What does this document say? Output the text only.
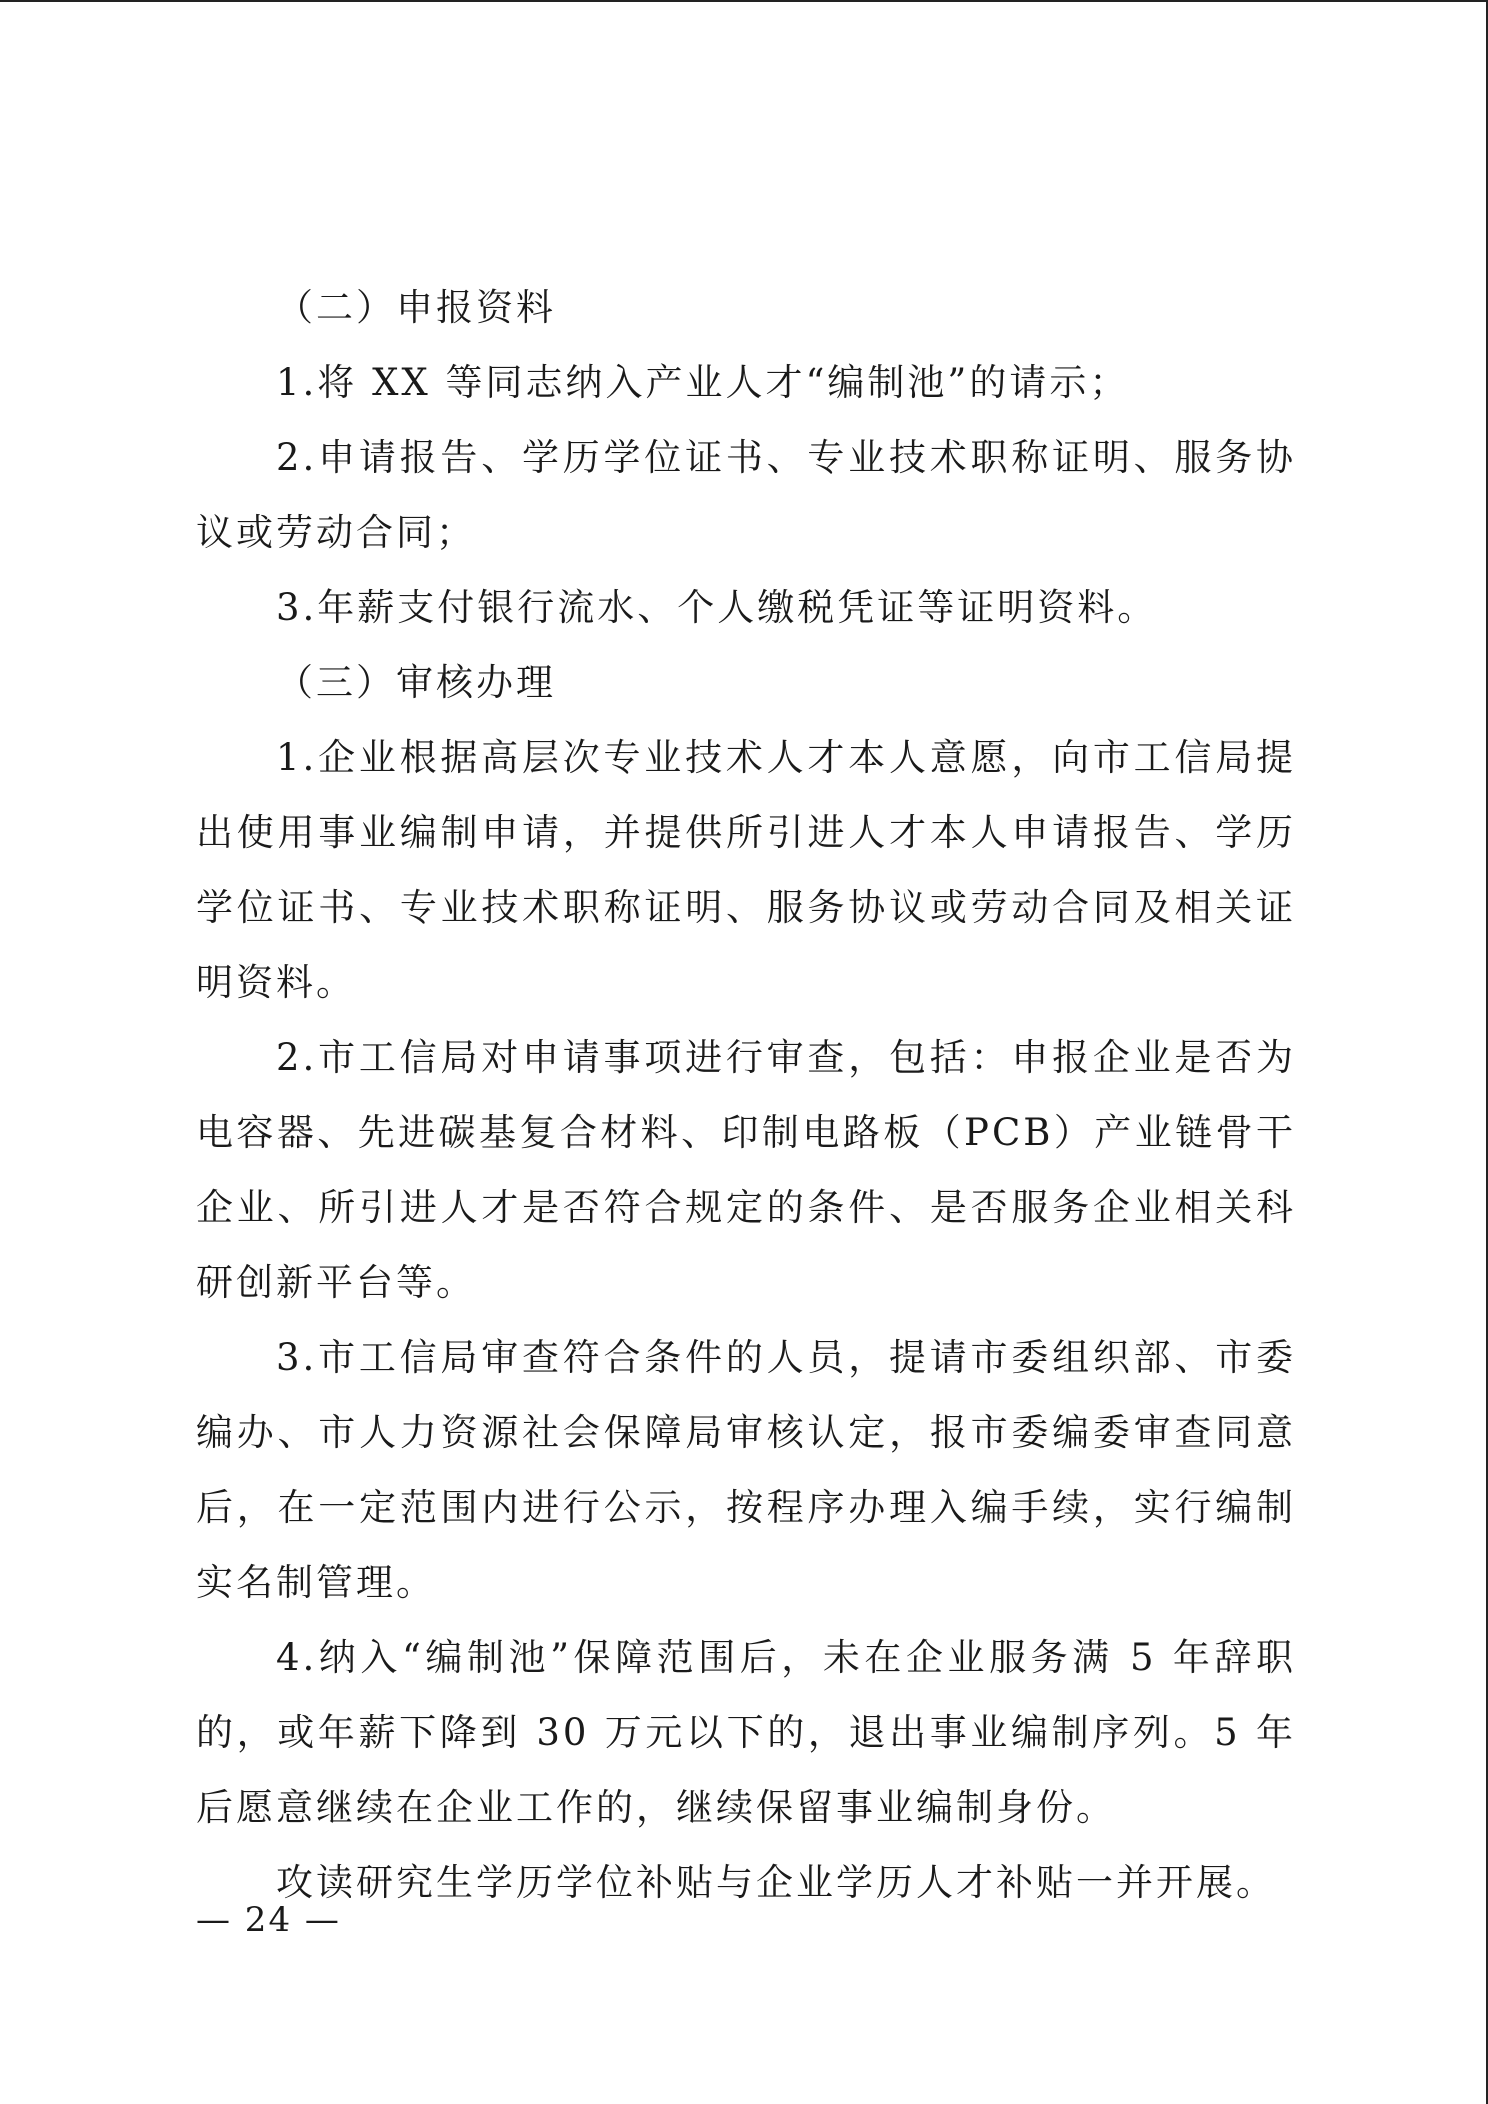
（二）申报资料

1.将 XX 等同志纳入产业人才“编制池”的请示；

2.申请报告、学历学位证书、专业技术职称证明、服务协议或劳动合同；

3.年薪支付银行流水、个人缴税凭证等证明资料。

（三）审核办理

1.企业根据高层次专业技术人才本人意愿，向市工信局提出使用事业编制申请，并提供所引进人才本人申请报告、学历学位证书、专业技术职称证明、服务协议或劳动合同及相关证明资料。

2.市工信局对申请事项进行审查，包括：申报企业是否为电容器、先进碳基复合材料、印制电路板（PCB）产业链骨干企业、所引进人才是否符合规定的条件、是否服务企业相关科研创新平台等。

3.市工信局审查符合条件的人员，提请市委组织部、市委编办、市人力资源社会保障局审核认定，报市委编委审查同意后，在一定范围内进行公示，按程序办理入编手续，实行编制实名制管理。

4.纳入“编制池”保障范围后，未在企业服务满 5 年辞职的，或年薪下降到 30 万元以下的，退出事业编制序列。5 年后愿意继续在企业工作的，继续保留事业编制身份。

攻读研究生学历学位补贴与企业学历人才补贴一并开展。

— 24 —
